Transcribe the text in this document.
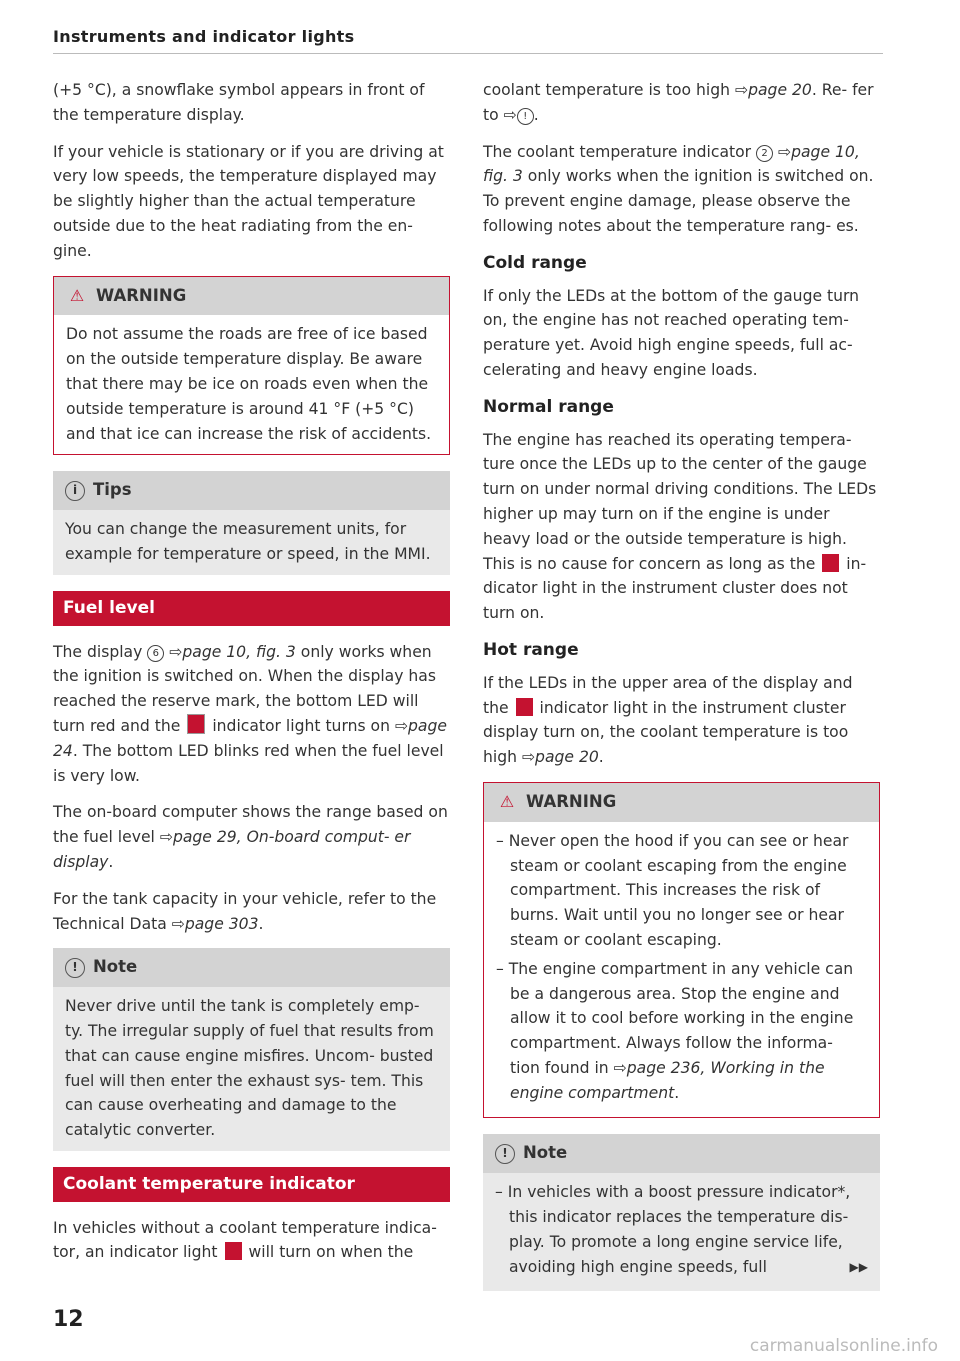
Instruments and indicator lights

(+5 °C), a snowflake symbol appears in front of the temperature display.

If your vehicle is stationary or if you are driving at very low speeds, the temperature displayed may be slightly higher than the actual temperature outside due to the heat radiating from the en- gine.

⚠ WARNING
Do not assume the roads are free of ice based on the outside temperature display. Be aware that there may be ice on roads even when the outside temperature is around 41 °F (+5 °C) and that ice can increase the risk of accidents.
i Tips
You can change the measurement units, for example for temperature or speed, in the MMI.
Fuel level

The display 6 ⇨page 10, fig. 3 only works when the ignition is switched on. When the display has reached the reserve mark, the bottom LED will turn red and the indicator light turns on ⇨page 24. The bottom LED blinks red when the fuel level is very low.

The on-board computer shows the range based on the fuel level ⇨page 29, On-board comput- er display.

For the tank capacity in your vehicle, refer to the Technical Data ⇨page 303.

! Note
Never drive until the tank is completely emp- ty. The irregular supply of fuel that results from that can cause engine misfires. Uncom- busted fuel will then enter the exhaust sys- tem. This can cause overheating and damage to the catalytic converter.
Coolant temperature indicator

In vehicles without a coolant temperature indica- tor, an indicator light will turn on when the

coolant temperature is too high ⇨page 20. Re- fer to ⇨ ! .

The coolant temperature indicator 2 ⇨page 10, fig. 3 only works when the ignition is switched on. To prevent engine damage, please observe the following notes about the temperature rang- es.

Cold range

If only the LEDs at the bottom of the gauge turn on, the engine has not reached operating tem- perature yet. Avoid high engine speeds, full ac- celerating and heavy engine loads.

Normal range

The engine has reached its operating tempera- ture once the LEDs up to the center of the gauge turn on under normal driving conditions. The LEDs higher up may turn on if the engine is under heavy load or the outside temperature is high. This is no cause for concern as long as the in- dicator light in the instrument cluster does not turn on.

Hot range

If the LEDs in the upper area of the display and the indicator light in the instrument cluster display turn on, the coolant temperature is too high ⇨page 20.

⚠ WARNING
– Never open the hood if you can see or hear steam or coolant escaping from the engine compartment. This increases the risk of burns. Wait until you no longer see or hear steam or coolant escaping.
– The engine compartment in any vehicle can be a dangerous area. Stop the engine and allow it to cool before working in the engine compartment. Always follow the informa- tion found in ⇨page 236, Working in the engine compartment.
! Note
– In vehicles with a boost pressure indicator*, this indicator replaces the temperature dis- play. To promote a long engine service life, avoiding high engine speeds, full	▶▶
12
carmanualsonline.info
